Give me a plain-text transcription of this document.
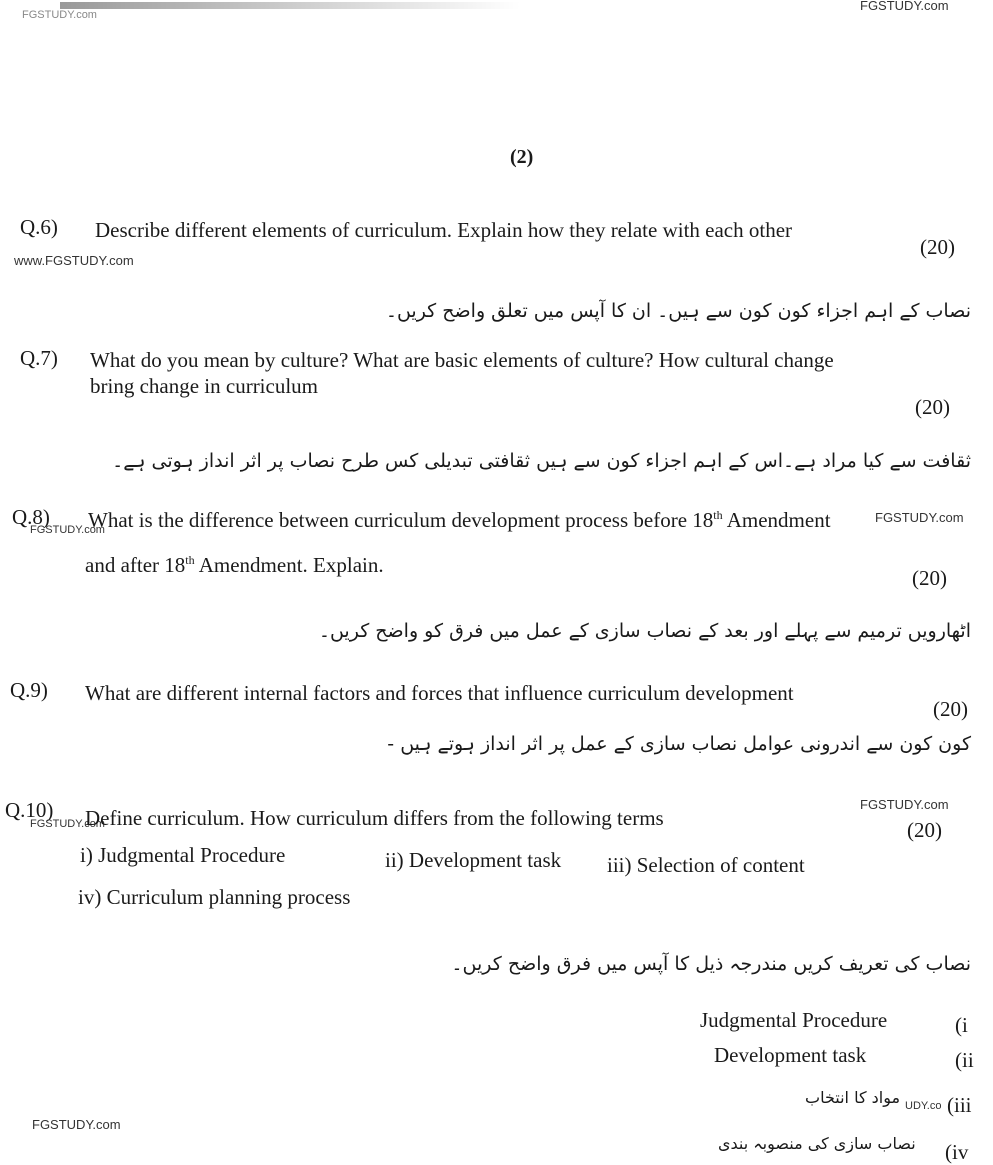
FGSTUDY.com
FGSTUDY.com
(2)
Q.6) Describe different elements of curriculum. Explain how they relate with each other
(20)
www.FGSTUDY.com
نصاب کے اہم اجزاء کون کون سے ہیں۔ ان کا آپس میں تعلق واضح کریں۔
Q.7) What do you mean by culture? What are basic elements of culture? How cultural change
bring change in curriculum
(20)
ثقافت سے کیا مراد ہے۔اس کے اہم اجزاء کون سے ہیں ثقافتی تبدیلی کس طرح نصاب پر اثر انداز ہوتی ہے۔
Q.8)
FGSTUDY.com
What is the difference between curriculum development process before 18th Amendment	FGSTUDY.com
and after 18th Amendment. Explain.
(20)
اٹھارویں ترمیم سے پہلے اور بعد کے نصاب سازی کے عمل میں فرق کو واضح کریں۔
Q.9) What are different internal factors and forces that influence curriculum development
(20)
کون کون سے اندرونی عوامل نصاب سازی کے عمل پر اثر انداز ہوتے ہیں -
Q.10)
FGSTUDY.com
Define curriculum. How curriculum differs from the following terms
FGSTUDY.com
(20)
i) Judgmental Procedure	ii) Development task iii) Selection of content
iv) Curriculum planning process
نصاب کی تعریف کریں مندرجہ ذیل کا آپس میں فرق واضح کریں۔
Judgmental Procedure	(i
Development task	(ii
مواد کا انتخاب UDY.co (iii
FGSTUDY.com
نصاب سازی کی منصوبہ بندی (iv
